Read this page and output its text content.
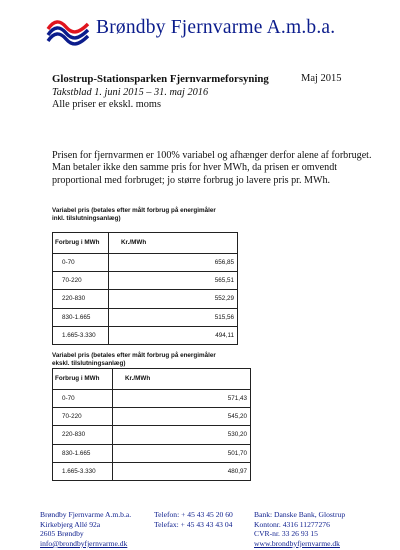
Brøndby Fjernvarme A.m.b.a.
Glostrup-Stationsparken Fjernvarmeforsyning	Maj 2015
Takstblad 1. juni 2015 – 31. maj 2016
Alle priser er ekskl. moms
Prisen for fjernvarmen er 100% variabel og afhænger derfor alene af forbruget.
Man betaler ikke den samme pris for hver MWh, da prisen er omvendt
proportional med forbruget; jo større forbrug jo lavere pris pr. MWh.
Variabel pris (betales efter målt forbrug på energimåler
inkl. tilslutningsanlæg)
Forbrug i MWh	Kr./MWh
0-70	656,85
70-220	565,51
220-830	552,29
830-1.665	515,56
1.665-3.330	494,11
Variabel pris (betales efter målt forbrug på energimåler
ekskl. tilslutningsanlæg)
Forbrug i MWh	Kr./MWh
0-70	571,43
70-220	545,20
220-830	530,20
830-1.665	501,70
1.665-3.330	480,97
Brøndby Fjernvarme A.m.b.a.
Kirkebjerg Allé 92a
2605 Brøndby
info@brondbyfjernvarme.dk
Telefon: + 45 43 45 20 60
Telefax: + 45 43 43 43 04
Bank: Danske Bank, Glostrup
Kontonr. 4316 11277276
CVR-nr. 33 26 93 15
www.brondbyfjernvarme.dk
